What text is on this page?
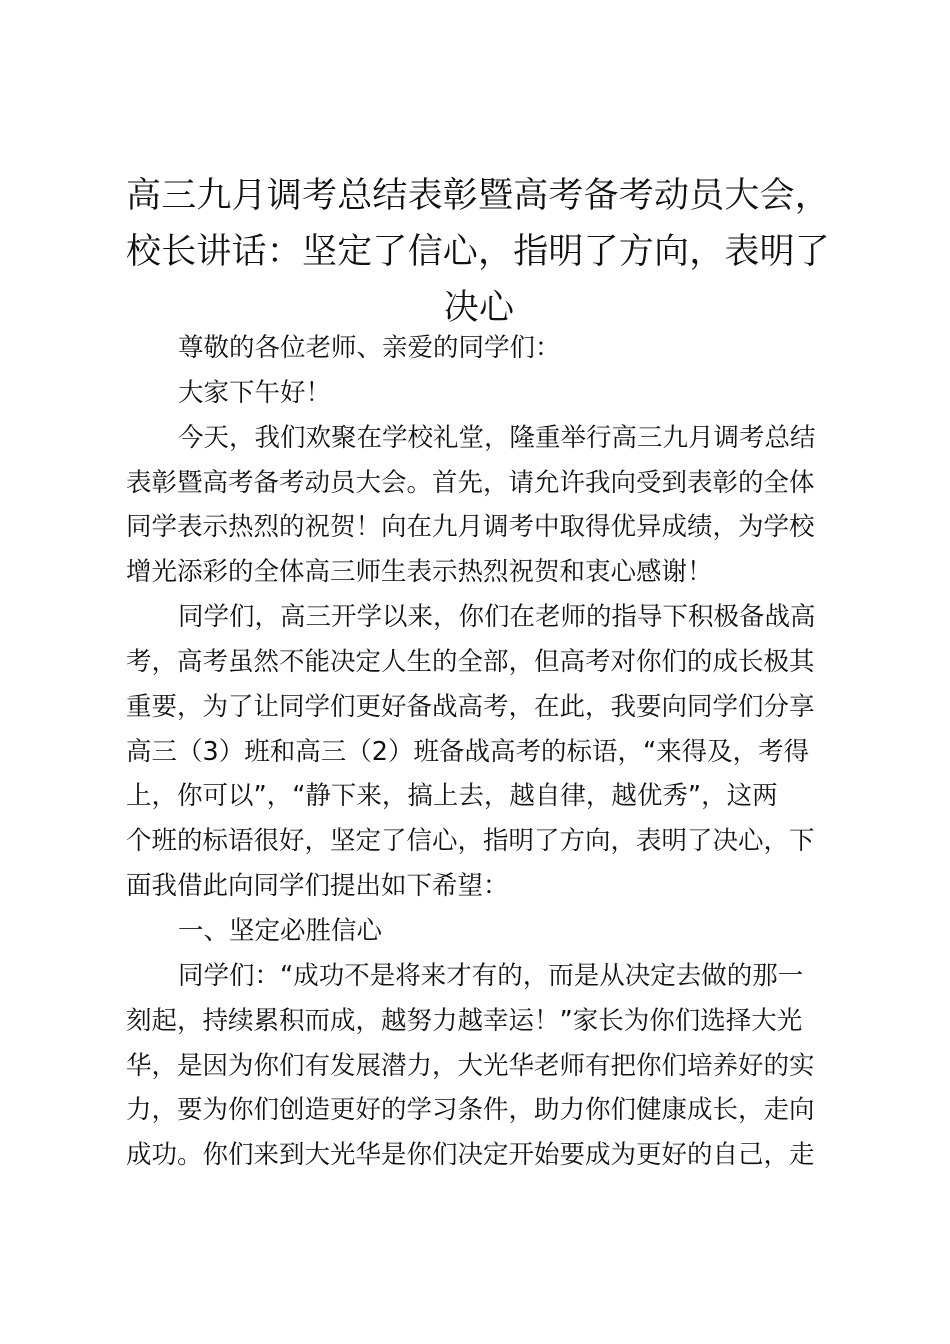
高三九月调考总结表彰暨高考备考动员大会，
校长讲话：坚定了信心，指明了方向，表明了
决心
尊敬的各位老师、亲爱的同学们：
大家下午好！
今天，我们欢聚在学校礼堂，隆重举行高三九月调考总结
表彰暨高考备考动员大会。首先，请允许我向受到表彰的全体
同学表示热烈的祝贺！向在九月调考中取得优异成绩，为学校
增光添彩的全体高三师生表示热烈祝贺和衷心感谢！
同学们，高三开学以来，你们在老师的指导下积极备战高
考，高考虽然不能决定人生的全部，但高考对你们的成长极其
重要，为了让同学们更好备战高考，在此，我要向同学们分享
高三（3）班和高三（2）班备战高考的标语，“来得及，考得
上，你可以”，“静下来，搞上去，越自律，越优秀”，这两
个班的标语很好，坚定了信心，指明了方向，表明了决心，下
面我借此向同学们提出如下希望：
一、坚定必胜信心
同学们：“成功不是将来才有的，而是从决定去做的那一
刻起，持续累积而成，越努力越幸运！”家长为你们选择大光
华，是因为你们有发展潜力，大光华老师有把你们培养好的实
力，要为你们创造更好的学习条件，助力你们健康成长，走向
成功。你们来到大光华是你们决定开始要成为更好的自己，走
